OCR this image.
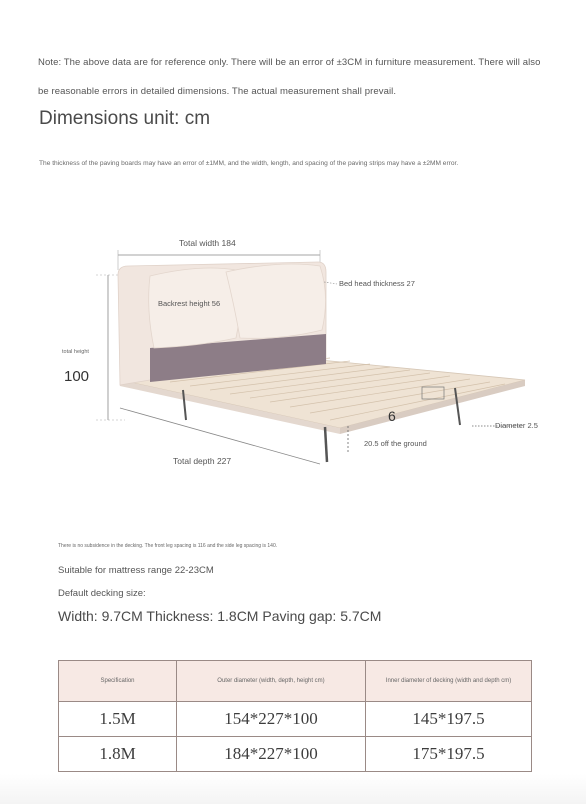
Note: The above data are for reference only. There will be an error of ±3CM in furniture measurement. There will also
be reasonable errors in detailed dimensions. The actual measurement shall prevail.
Dimensions unit: cm
The thickness of the paving boards may have an error of ±1MM, and the width, length, and spacing of the paving strips may have a ±2MM error.
Total width 184
Bed head thickness 27
Backrest height 56
total height
100
6
Diameter 2.5
20.5 off the ground
Total depth 227
There is no subsidence in the decking. The front leg spacing is 116 and the side leg spacing is 140.
Suitable for mattress range 22-23CM
Default decking size:
Width: 9.7CM Thickness: 1.8CM Paving gap: 5.7CM
Specification	Outer diameter (width, depth, height cm)	Inner diameter of decking (width and depth cm)
1.5M	154*227*100	145*197.5
1.8M	184*227*100	175*197.5
